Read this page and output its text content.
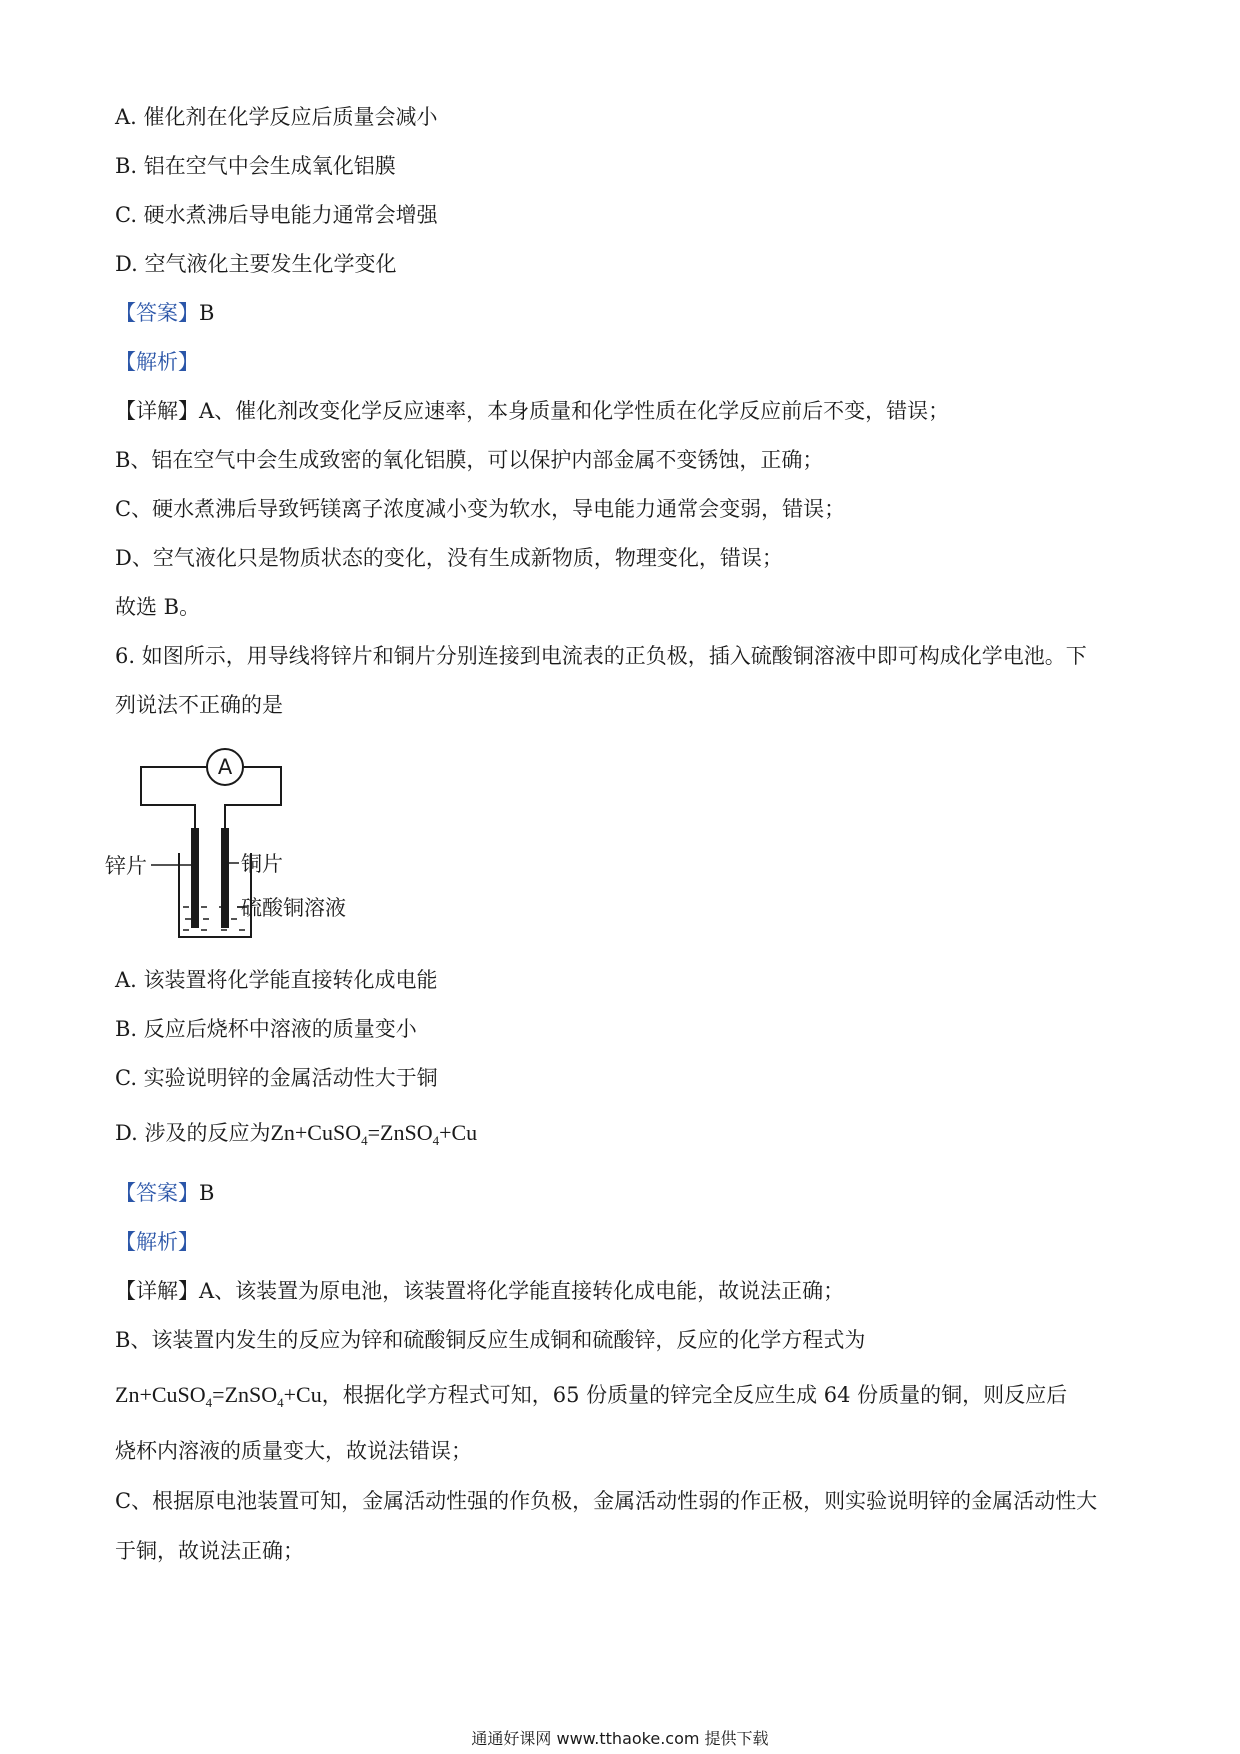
A. 催化剂在化学反应后质量会减小
B. 铝在空气中会生成氧化铝膜
C. 硬水煮沸后导电能力通常会增强
D. 空气液化主要发生化学变化
【答案】B
【解析】
【详解】A、催化剂改变化学反应速率，本身质量和化学性质在化学反应前后不变，错误；
B、铝在空气中会生成致密的氧化铝膜，可以保护内部金属不变锈蚀，正确；
C、硬水煮沸后导致钙镁离子浓度减小变为软水，导电能力通常会变弱，错误；
D、空气液化只是物质状态的变化，没有生成新物质，物理变化，错误；
故选 B。
6. 如图所示，用导线将锌片和铜片分别连接到电流表的正负极，插入硫酸铜溶液中即可构成化学电池。下
列说法不正确的是
A
锌片	铜片
硫酸铜溶液
A. 该装置将化学能直接转化成电能
B. 反应后烧杯中溶液的质量变小
C. 实验说明锌的金属活动性大于铜
D. 涉及的反应为Zn+CuSO$_4$=ZnSO$_4$+Cu
【答案】B
【解析】
【详解】A、该装置为原电池，该装置将化学能直接转化成电能，故说法正确；
B、该装置内发生的反应为锌和硫酸铜反应生成铜和硫酸锌，反应的化学方程式为
Zn+CuSO$_4$=ZnSO$_4$+Cu，根据化学方程式可知，65 份质量的锌完全反应生成 64 份质量的铜，则反应后
烧杯内溶液的质量变大，故说法错误；
C、根据原电池装置可知，金属活动性强的作负极，金属活动性弱的作正极，则实验说明锌的金属活动性大
于铜，故说法正确；
通通好课网 www.tthaoke.com 提供下载
